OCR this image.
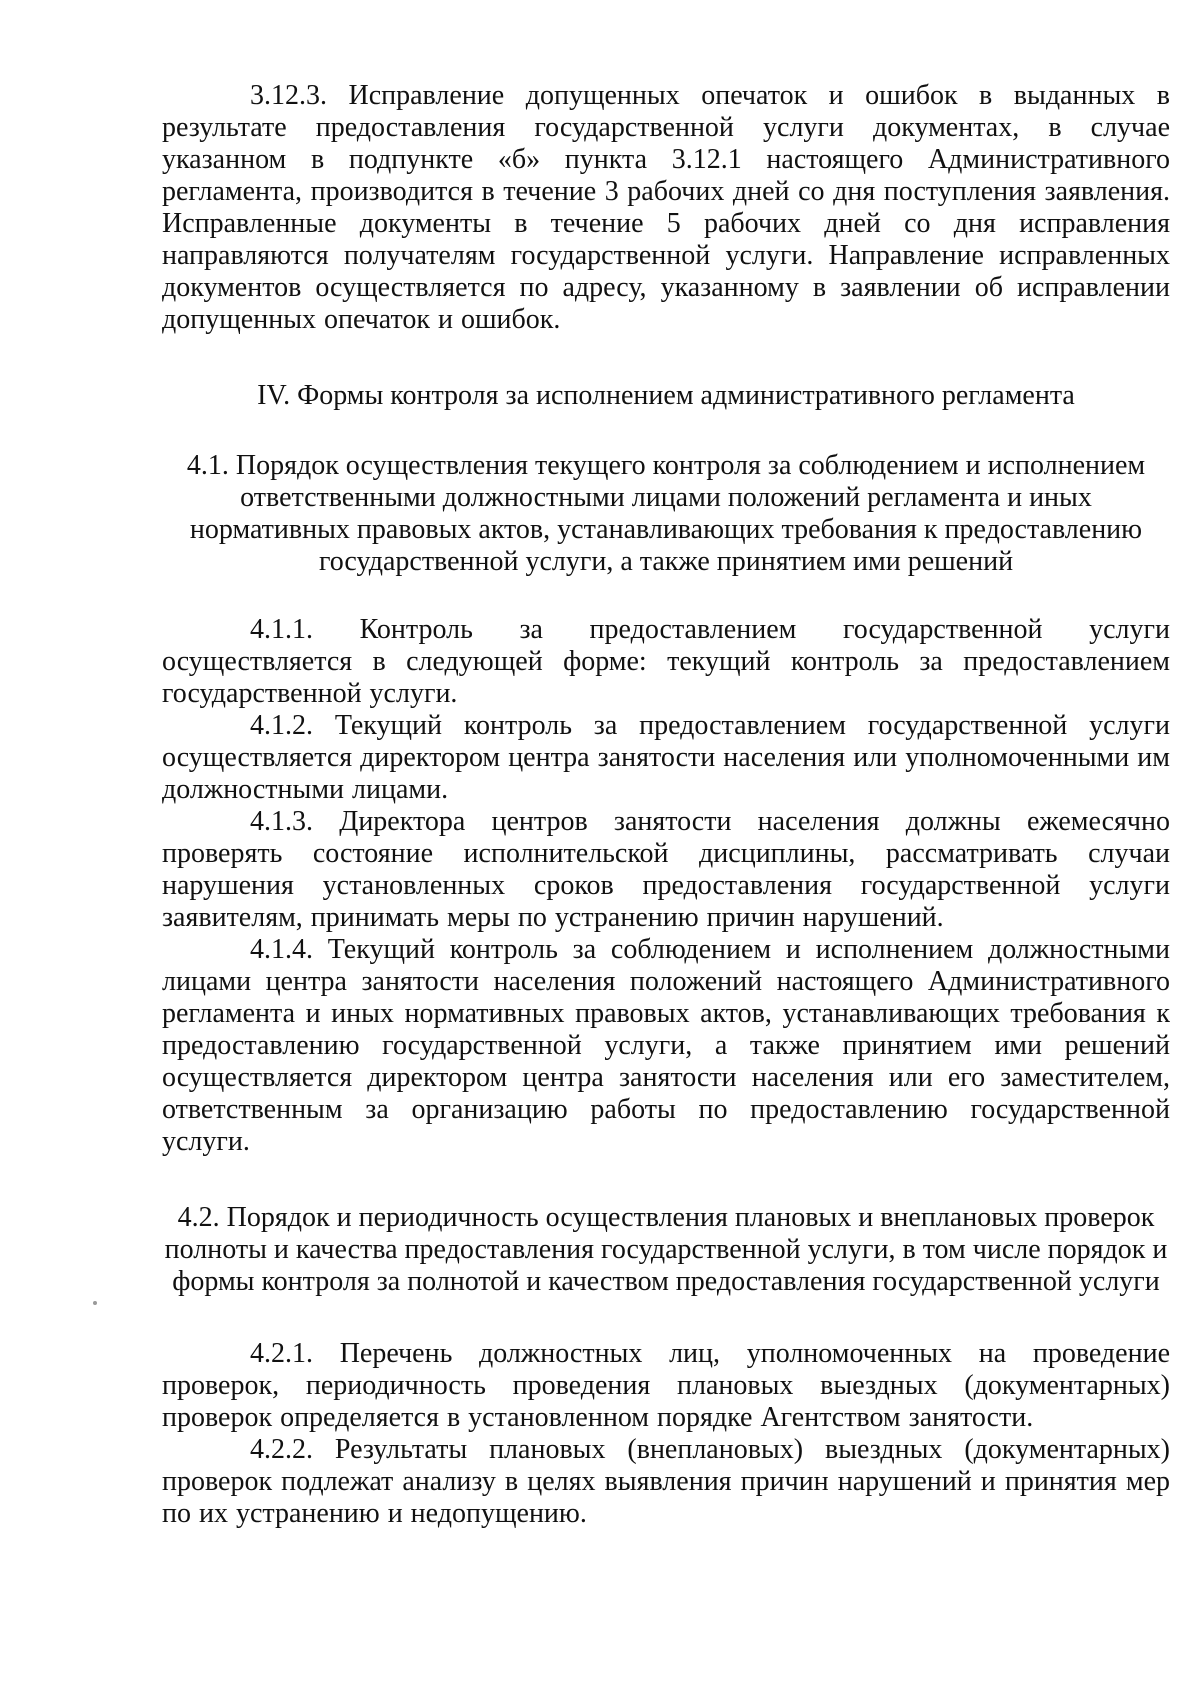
3.12.3. Исправление допущенных опечаток и ошибок в выданных в результате предоставления государственной услуги документах, в случае указанном в подпункте «б» пункта 3.12.1 настоящего Административного регламента, производится в течение 3 рабочих дней со дня поступления заявления. Исправленные документы в течение 5 рабочих дней со дня исправления направляются получателям государственной услуги. Направление исправленных документов осуществляется по адресу, указанному в заявлении об исправлении допущенных опечаток и ошибок.

IV. Формы контроля за исполнением административного регламента

4.1. Порядок осуществления текущего контроля за соблюдением и исполнением ответственными должностными лицами положений регламента и иных нормативных правовых актов, устанавливающих требования к предоставлению государственной услуги, а также принятием ими решений

4.1.1. Контроль за предоставлением государственной услуги осуществляется в следующей форме: текущий контроль за предоставлением государственной услуги.

4.1.2. Текущий контроль за предоставлением государственной услуги осуществляется директором центра занятости населения или уполномоченными им должностными лицами.

4.1.3. Директора центров занятости населения должны ежемесячно проверять состояние исполнительской дисциплины, рассматривать случаи нарушения установленных сроков предоставления государственной услуги заявителям, принимать меры по устранению причин нарушений.

4.1.4. Текущий контроль за соблюдением и исполнением должностными лицами центра занятости населения положений настоящего Административного регламента и иных нормативных правовых актов, устанавливающих требования к предоставлению государственной услуги, а также принятием ими решений осуществляется директором центра занятости населения или его заместителем, ответственным за организацию работы по предоставлению государственной услуги.

4.2. Порядок и периодичность осуществления плановых и внеплановых проверок полноты и качества предоставления государственной услуги, в том числе порядок и формы контроля за полнотой и качеством предоставления государственной услуги

4.2.1. Перечень должностных лиц, уполномоченных на проведение проверок, периодичность проведения плановых выездных (документарных) проверок определяется в установленном порядке Агентством занятости.

4.2.2. Результаты плановых (внеплановых) выездных (документарных) проверок подлежат анализу в целях выявления причин нарушений и принятия мер по их устранению и недопущению.
